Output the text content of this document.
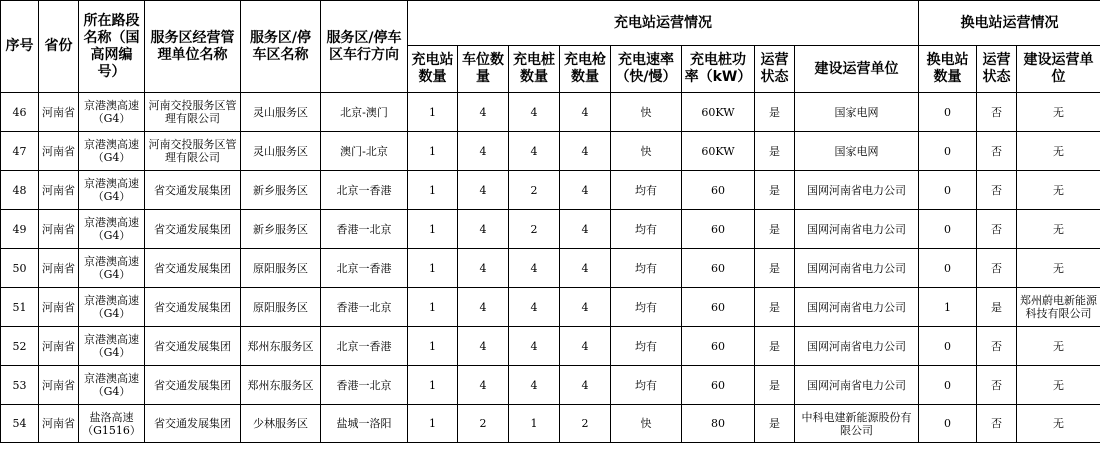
序号	省份	所在路段名称（国高网编号）	服务区经营管理单位名称	服务区/停车区名称	服务区/停车区车行方向	充电站运营情况								换电站运营情况		
						充电站数量	车位数量	充电桩数量	充电枪数量	充电速率（快/慢）	充电桩功率（kW）	运营状态	建设运营单位	换电站数量	运营状态	建设运营单位
46	河南省	京港澳高速（G4）	河南交投服务区管理有限公司	灵山服务区	北京-澳门	1	4	4	4	快	60KW	是	国家电网	0	否	无
47	河南省	京港澳高速（G4）	河南交投服务区管理有限公司	灵山服务区	澳门-北京	1	4	4	4	快	60KW	是	国家电网	0	否	无
48	河南省	京港澳高速（G4）	省交通发展集团	新乡服务区	北京一香港	1	4	2	4	均有	60	是	国网河南省电力公司	0	否	无
49	河南省	京港澳高速（G4）	省交通发展集团	新乡服务区	香港一北京	1	4	2	4	均有	60	是	国网河南省电力公司	0	否	无
50	河南省	京港澳高速（G4）	省交通发展集团	原阳服务区	北京一香港	1	4	4	4	均有	60	是	国网河南省电力公司	0	否	无
51	河南省	京港澳高速（G4）	省交通发展集团	原阳服务区	香港一北京	1	4	4	4	均有	60	是	国网河南省电力公司	1	是	郑州蔚电新能源科技有限公司
52	河南省	京港澳高速（G4）	省交通发展集团	郑州东服务区	北京一香港	1	4	4	4	均有	60	是	国网河南省电力公司	0	否	无
53	河南省	京港澳高速（G4）	省交通发展集团	郑州东服务区	香港一北京	1	4	4	4	均有	60	是	国网河南省电力公司	0	否	无
54	河南省	盐洛高速（G1516）	省交通发展集团	少林服务区	盐城一洛阳	1	2	1	2	快	80	是	中科电建新能源股份有限公司	0	否	无
